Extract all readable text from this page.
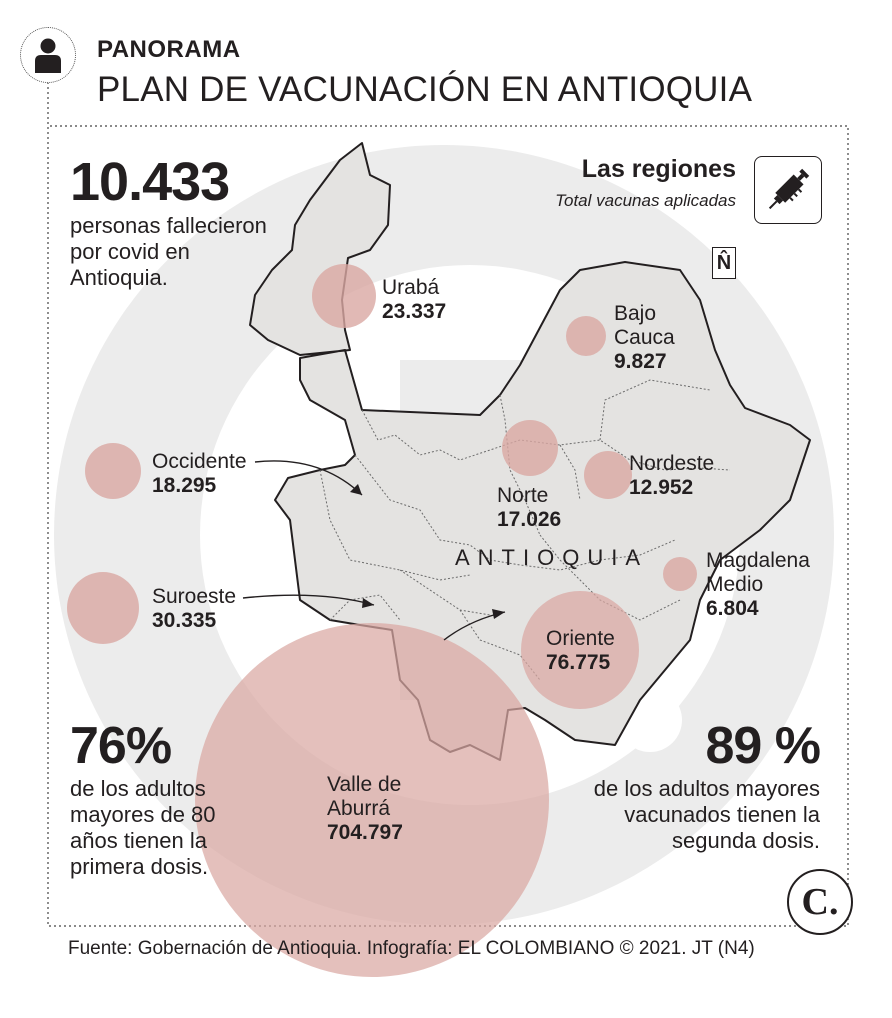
PANORAMA
PLAN DE VACUNACIÓN EN ANTIOQUIA
N̂
ANTIOQUIA
10.433
personas fallecieron
por covid en
Antioquia.
Las regiones
Total vacunas aplicadas
Urabá
23.337	Bajo
Cauca
9.827
Occidente
18.295	Norte
17.026
Nordeste
12.952
Magdalena
Medio
6.804
Suroeste
30.335
Oriente
76.775
Valle de
Aburrá
704.797
76%
de los adultos
mayores de 80
años tienen la
primera dosis.
89 %
de los adultos mayores
vacunados tienen la
segunda dosis.
C.
Fuente: Gobernación de Antioquia. Infografía: EL COLOMBIANO © 2021. JT (N4)
